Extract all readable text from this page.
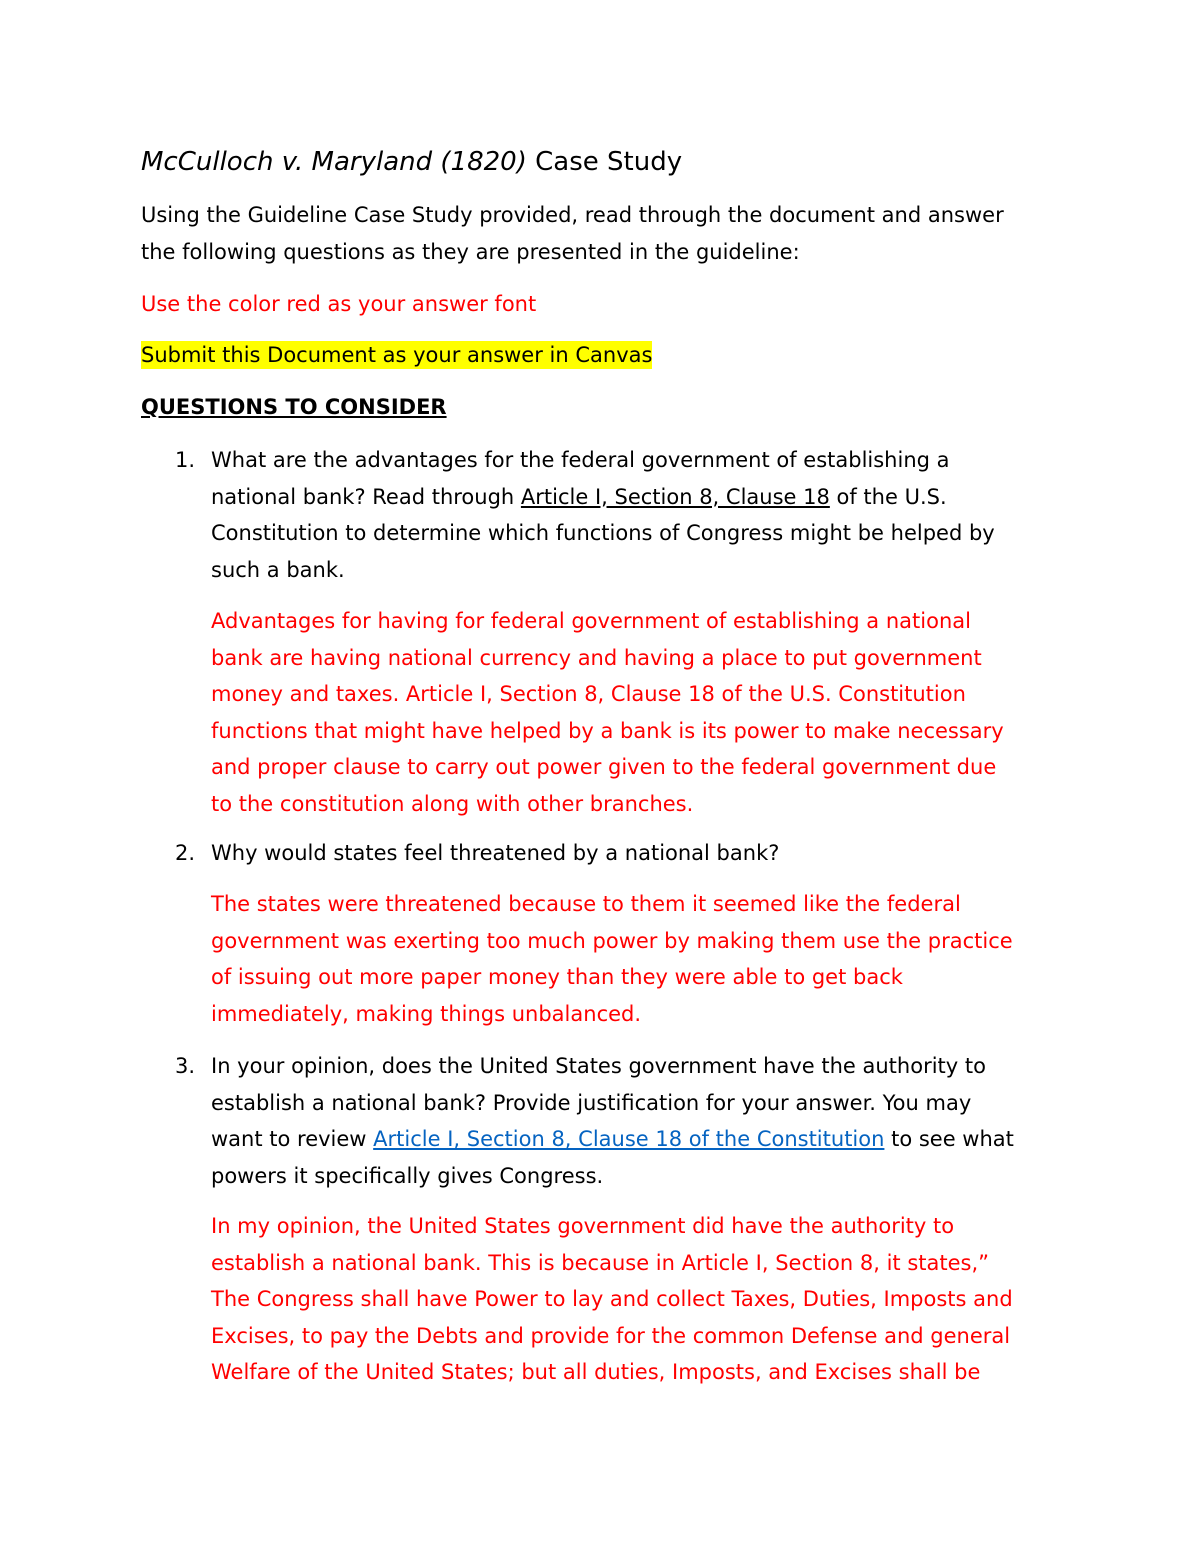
McCulloch v. Maryland (1820) Case Study
Using the Guideline Case Study provided, read through the document and answer
the following questions as they are presented in the guideline:
Use the color red as your answer font
Submit this Document as your answer in Canvas
QUESTIONS TO CONSIDER
1. What are the advantages for the federal government of establishing a
national bank? Read through Article I, Section 8, Clause 18 of the U.S.
Constitution to determine which functions of Congress might be helped by
such a bank.
Advantages for having for federal government of establishing a national
bank are having national currency and having a place to put government
money and taxes. Article I, Section 8, Clause 18 of the U.S. Constitution
functions that might have helped by a bank is its power to make necessary
and proper clause to carry out power given to the federal government due
to the constitution along with other branches.
2. Why would states feel threatened by a national bank?
The states were threatened because to them it seemed like the federal
government was exerting too much power by making them use the practice
of issuing out more paper money than they were able to get back
immediately, making things unbalanced.
3. In your opinion, does the United States government have the authority to
establish a national bank? Provide justification for your answer. You may
want to review Article I, Section 8, Clause 18 of the Constitution to see what
powers it specifically gives Congress.
In my opinion, the United States government did have the authority to
establish a national bank. This is because in Article I, Section 8, it states,”
The Congress shall have Power to lay and collect Taxes, Duties, Imposts and
Excises, to pay the Debts and provide for the common Defense and general
Welfare of the United States; but all duties, Imposts, and Excises shall be
